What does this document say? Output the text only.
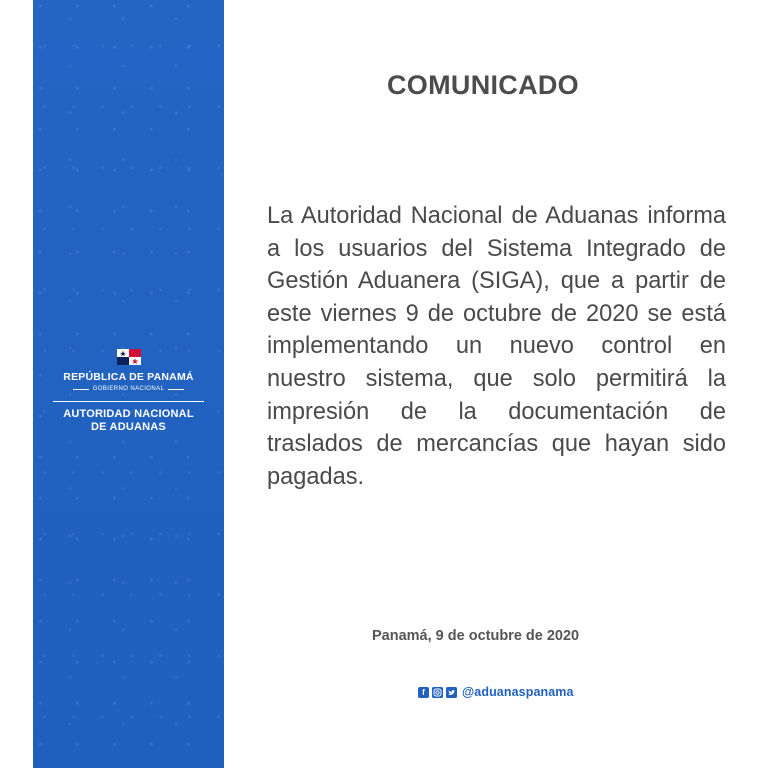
REPÚBLICA DE PANAMÁ
GOBIERNO NACIONAL
AUTORIDAD NACIONAL
DE ADUANAS
COMUNICADO

La Autoridad Nacional de Aduanas informa a los usuarios del Sistema Integrado de Gestión Aduanera (SIGA), que a partir de este viernes 9 de octubre de 2020 se está implementando un nuevo control en nuestro sistema, que solo permitirá la impresión de la documentación de traslados de mercancías que hayan sido pagadas.

Panamá, 9 de octubre de 2020
f	@aduanaspanama
